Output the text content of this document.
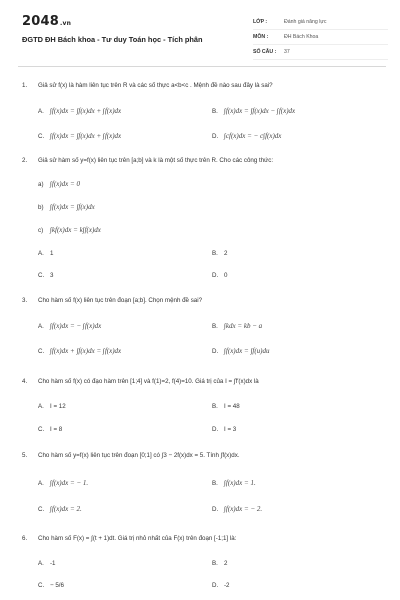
2048.vn
ĐGTD ĐH Bách khoa - Tư duy Toán học - Tích phân
LỚP :	Đánh giá năng lực
MÔN :	ĐH Bách Khoa
SỐ CÂU :	37
1. Giả sử f(x) là hàm liên tục trên R và các số thực a<b<c . Mệnh đề nào sau đây là sai?
A. ∫f(x)dx = ∫f(x)dx + ∫f(x)dx	B. ∫f(x)dx = ∫f(x)dx − ∫f(x)dx
C. ∫f(x)dx = ∫f(x)dx + ∫f(x)dx	D. ∫cf(x)dx = − c∫f(x)dx
2. Giả sử hàm số y=f(x) liên tục trên [a;b] và k là một số thực trên R. Cho các công thức:
a) ∫f(x)dx = 0
b) ∫f(x)dx = ∫f(x)dx
c) ∫kf(x)dx = k∫f(x)dx
A. 1	B. 2
C. 3	D. 0
3. Cho hàm số f(x) liên tục trên đoạn [a;b]. Chọn mệnh đề sai?
A. ∫f(x)dx = − ∫f(x)dx	B. ∫kdx = kb − a
C. ∫f(x)dx + ∫f(x)dx = ∫f(x)dx	D. ∫f(x)dx = ∫f(u)du
4. Cho hàm số f(x) có đạo hàm trên [1;4] và f(1)=2, f(4)=10. Giá trị của I = ∫f′(x)dx là
A. I = 12	B. I = 48
C. I = 8	D. I = 3
5. Cho hàm số y=f(x) liên tục trên đoạn [0;1] có ∫3 − 2f(x)dx = 5. Tính ∫f(x)dx.
A. ∫f(x)dx = − 1.	B. ∫f(x)dx = 1.
C. ∫f(x)dx = 2.	D. ∫f(x)dx = − 2.
6. Cho hàm số F(x) = ∫(t + 1)dt. Giá trị nhỏ nhất của F(x) trên đoạn [-1;1] là:
A. -1	B. 2
C. − 5/6	D. -2
